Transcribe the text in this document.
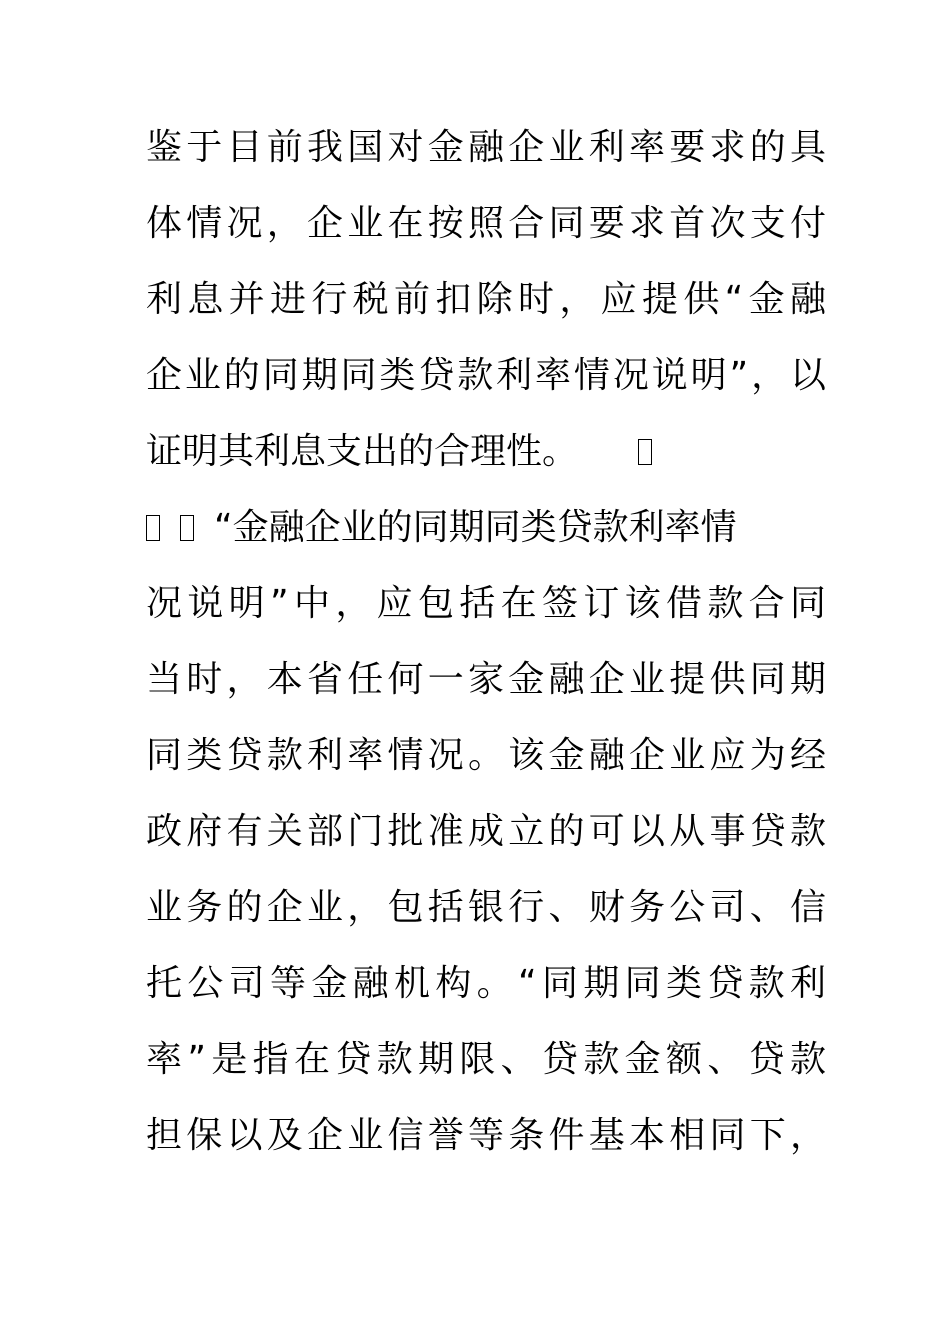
鉴于目前我国对金融企业利率要求的具
体情况，企业在按照合同要求首次支付
利息并进行税前扣除时，应提供“金融
企业的同期同类贷款利率情况说明”，以
证明其利息支出的合理性。
“金融企业的同期同类贷款利率情
况说明”中，应包括在签订该借款合同
当时，本省任何一家金融企业提供同期
同类贷款利率情况。该金融企业应为经
政府有关部门批准成立的可以从事贷款
业务的企业，包括银行、财务公司、信
托公司等金融机构。“同期同类贷款利
率”是指在贷款期限、贷款金额、贷款
担保以及企业信誉等条件基本相同下，
